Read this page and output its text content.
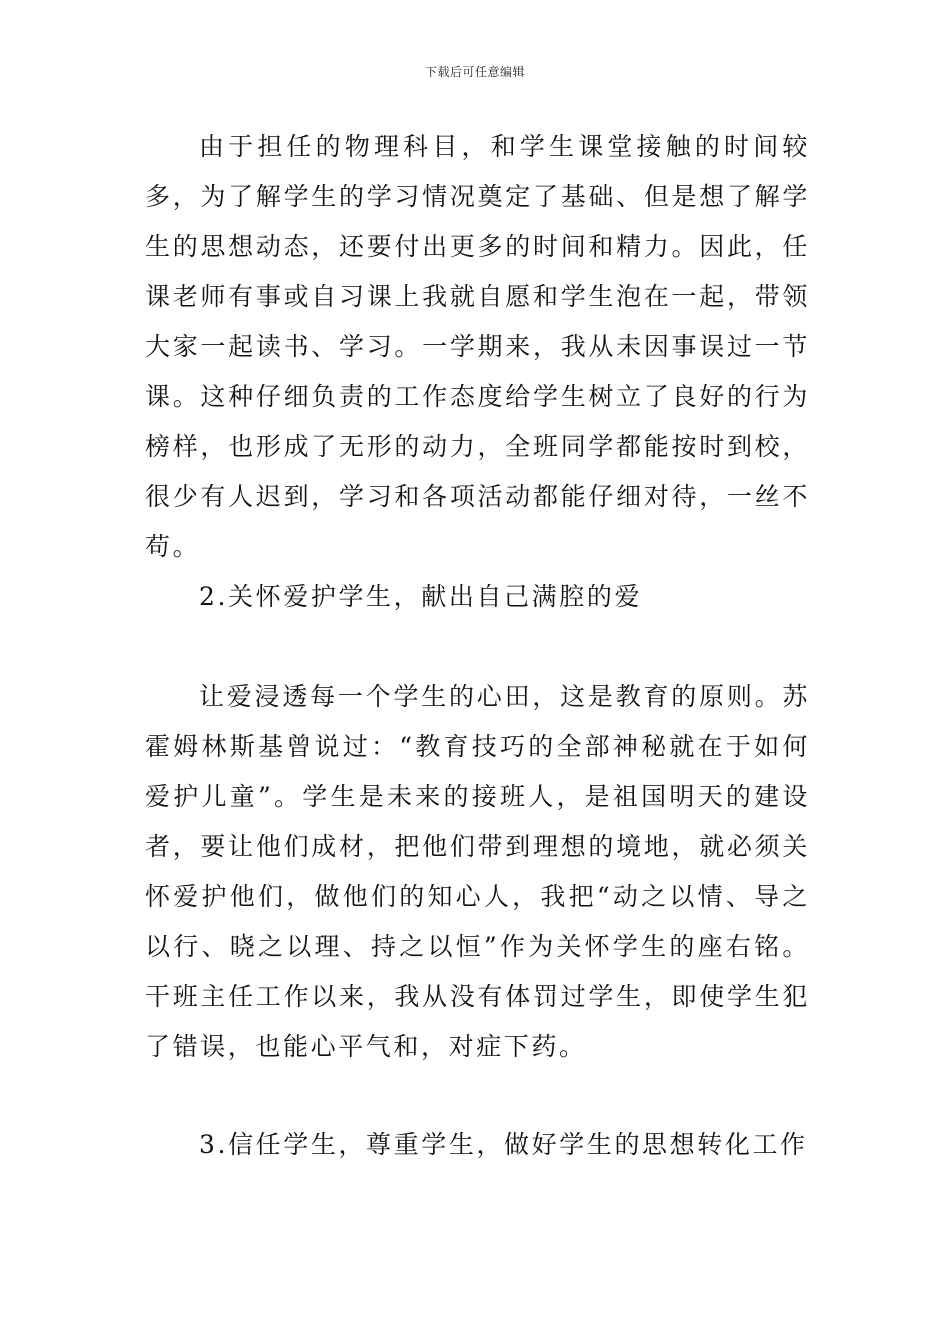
下载后可任意编辑

由于担任的物理科目，和学生课堂接触的时间较多，为了解学生的学习情况奠定了基础、但是想了解学生的思想动态，还要付出更多的时间和精力。因此，任课老师有事或自习课上我就自愿和学生泡在一起，带领大家一起读书、学习。一学期来，我从未因事误过一节课。这种仔细负责的工作态度给学生树立了良好的行为榜样，也形成了无形的动力，全班同学都能按时到校，很少有人迟到，学习和各项活动都能仔细对待，一丝不苟。

2.关怀爱护学生，献出自己满腔的爱

让爱浸透每一个学生的心田，这是教育的原则。苏霍姆林斯基曾说过：“教育技巧的全部神秘就在于如何爱护儿童”。学生是未来的接班人，是祖国明天的建设者，要让他们成材，把他们带到理想的境地，就必须关怀爱护他们，做他们的知心人，我把“动之以情、导之以行、晓之以理、持之以恒”作为关怀学生的座右铭。干班主任工作以来，我从没有体罚过学生，即使学生犯了错误，也能心平气和，对症下药。

3.信任学生，尊重学生，做好学生的思想转化工作
